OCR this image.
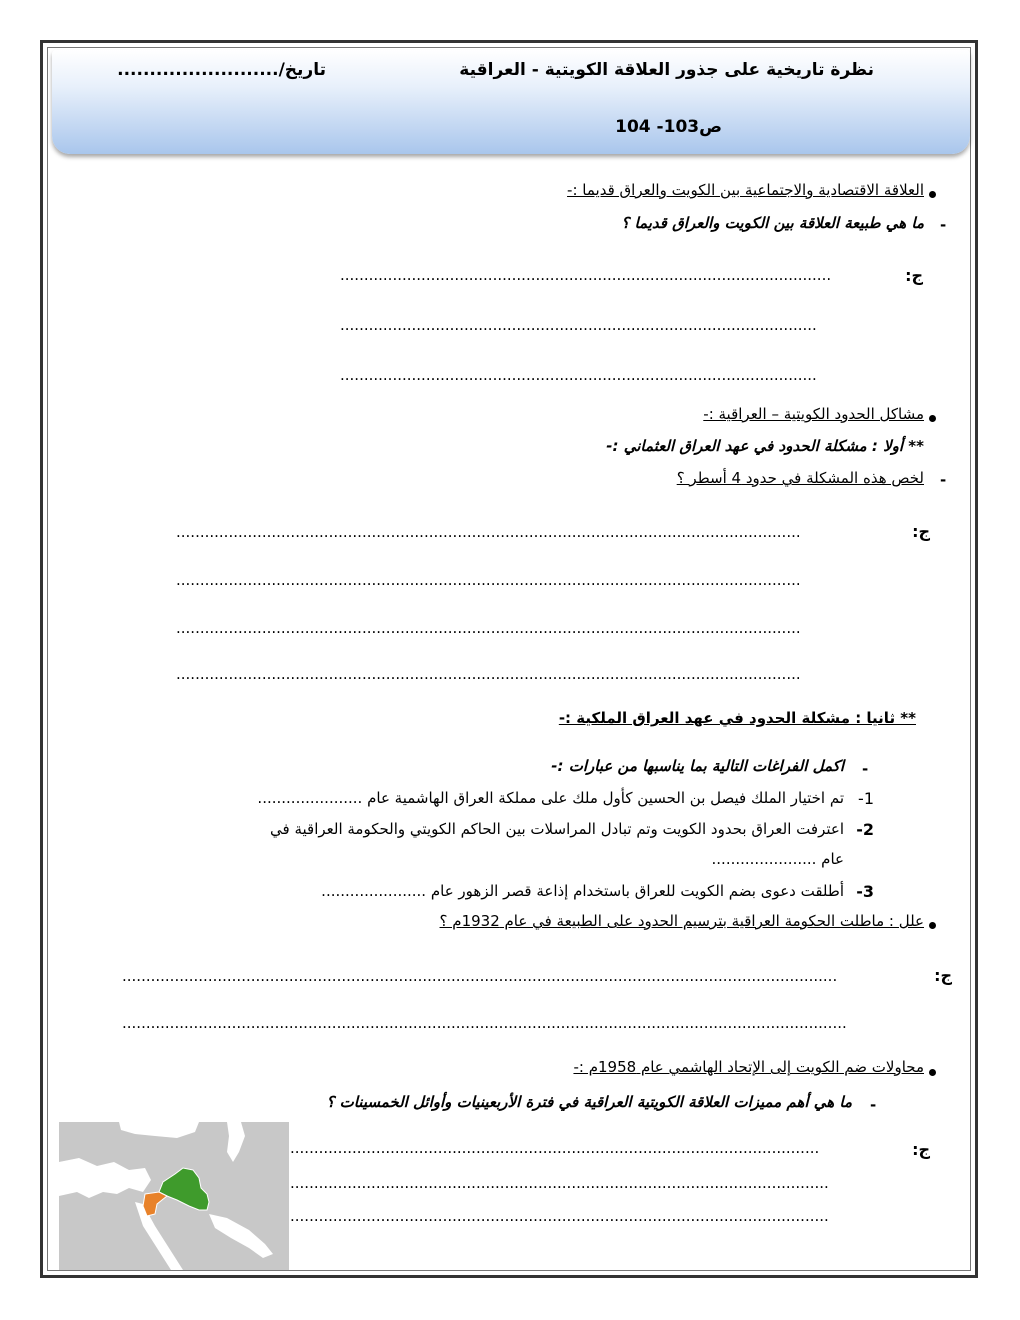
نظرة تاريخية على جذور العلاقة الكويتية - العراقية
تاريخ/.........................
ص103- 104
العلاقة الاقتصادية والاجتماعية بين الكويت والعراق قديما :-
-
ما هي طبيعة العلاقة بين الكويت والعراق قديما ؟
ج:
.......................................................................................................
....................................................................................................
....................................................................................................
مشاكل الحدود الكويتية – العراقية :-
** أولا : مشكلة الحدود في عهد العراق العثماني :-
-
لخص هذه المشكلة في حدود 4 أسطر ؟
ج:
...................................................................................................................................
...................................................................................................................................
...................................................................................................................................
...................................................................................................................................
** ثانيا : مشكلة الحدود في عهد العراق الملكية :-
-
اكمل الفراغات التالية بما يناسبها من عبارات :-
1-
تم اختيار الملك فيصل بن الحسين كأول ملك على مملكة العراق الهاشمية عام ......................
2-
اعترفت العراق بحدود الكويت وتم تبادل المراسلات بين الحاكم الكويتي والحكومة العراقية في
عام ......................
3-
أطلقت دعوى بضم الكويت للعراق باستخدام إذاعة قصر الزهور عام ......................
علل : ماطلت الحكومة العراقية بترسيم الحدود على الطبيعة في عام 1932م ؟
ج:
......................................................................................................................................................
........................................................................................................................................................
محاولات ضم الكويت إلى الإتحاد الهاشمي عام 1958م :-
-
ما هي أهم مميزات العلاقة الكويتية العراقية في فترة الأربعينيات وأوائل الخمسينات ؟
ج:
...............................................................................................................
.................................................................................................................
.................................................................................................................
